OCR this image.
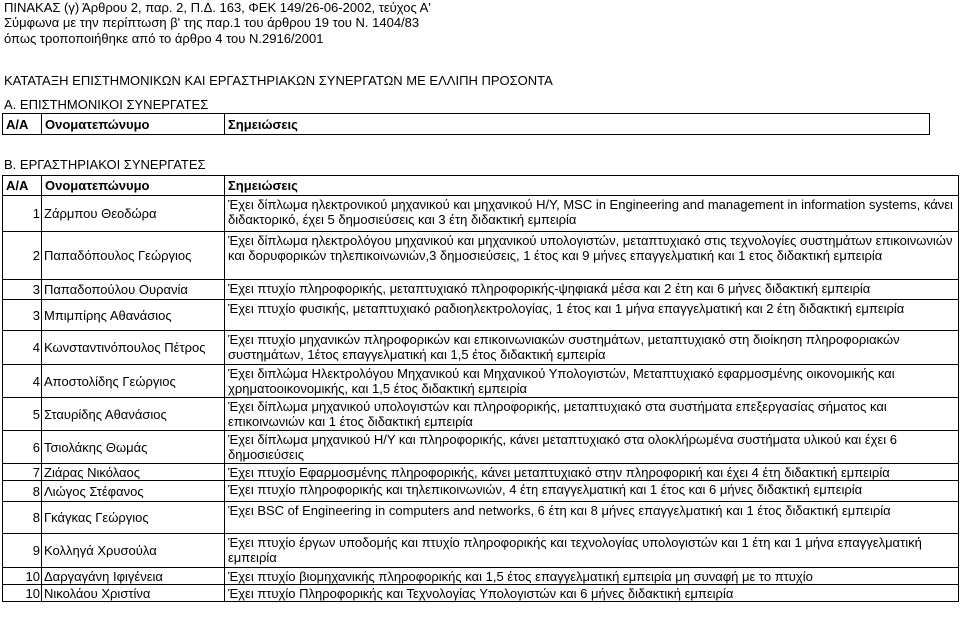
ΠΙΝΑΚΑΣ (γ) Άρθρου 2, παρ. 2, Π.Δ. 163, ΦΕΚ 149/26-06-2002, τεύχος Α'
Σύμφωνα με την περίπτωση β' της παρ.1 του άρθρου 19 του Ν. 1404/83
όπως τροποποιήθηκε από το άρθρο 4 του Ν.2916/2001
ΚΑΤΑΤΑΞΗ ΕΠΙΣΤΗΜΟΝΙΚΩΝ ΚΑΙ ΕΡΓΑΣΤΗΡΙΑΚΩΝ ΣΥΝΕΡΓΑΤΩΝ ΜΕ ΕΛΛΙΠΗ ΠΡΟΣΟΝΤΑ
Α. ΕΠΙΣΤΗΜΟΝΙΚΟΙ ΣΥΝΕΡΓΑΤΕΣ
Α/Α	Ονοματεπώνυμο	Σημειώσεις
Β. ΕΡΓΑΣΤΗΡΙΑΚΟΙ ΣΥΝΕΡΓΑΤΕΣ
Α/Α	Ονοματεπώνυμο	Σημειώσεις
1	Ζάρμπου Θεοδώρα	Έχει δίπλωμα ηλεκτρονικού μηχανικού και μηχανικού Η/Υ, MSC in Engineering and management in information systems, κάνει διδακτορικό, έχει 5 δημοσιεύσεις και 3 έτη διδακτική εμπειρία
2	Παπαδόπουλος Γεώργιος	Έχει δίπλωμα ηλεκτρολόγου μηχανικού και μηχανικού υπολογιστών, μεταπτυχιακό στις τεχνολογίες συστημάτων επικοινωνιών και δορυφορικών τηλεπικοινωνιών,3 δημοσιεύσεις, 1 έτος και 9 μήνες επαγγελματική και 1 ετος διδακτική εμπειρία
3	Παπαδοπούλου Ουρανία	Έχει πτυχίο πληροφορικής, μεταπτυχιακό πληροφορικής-ψηφιακά μέσα και 2 έτη και 6 μήνες διδακτική εμπειρία
3	Μπιμπίρης Αθανάσιος	Έχει πτυχίο φυσικής, μεταπτυχιακό ραδιοηλεκτρολογίας, 1 έτος και 1 μήνα επαγγελματική και 2 έτη διδακτική εμπειρία
4	Κωνσταντινόπουλος Πέτρος	Έχει πτυχίο μηχανικών πληροφορικών και επικοινωνιακών συστημάτων, μεταπτυχιακό στη διοίκηση πληροφοριακών συστημάτων, 1έτος επαγγελματική και 1,5 έτος διδακτική εμπειρία
4	Αποστολίδης Γεώργιος	Έχει διπλώμα Ηλεκτρολόγου Μηχανικού και Μηχανικού Υπολογιστών, Μεταπτυχιακό εφαρμοσμένης οικονομικής και χρηματοοικονομικής, και 1,5 έτος διδακτική εμπειρία
5	Σταυρίδης Αθανάσιος	Έχει δίπλωμα μηχανικού υπολογιστών και πληροφορικής, μεταπτυχιακό στα συστήματα επεξεργασίας σήματος και επικοινωνιών και 1 έτος διδακτική εμπειρία
6	Τσιολάκης Θωμάς	Έχει δίπλωμα μηχανικού Η/Υ και πληροφορικής, κάνει μεταπτυχιακό στα ολοκλήρωμένα συστήματα υλικού και έχει 6 δημοσιεύσεις
7	Ζιάρας Νικόλαος	Έχει πτυχίο Εφαρμοσμένης πληροφορικής, κάνει μεταπτυχιακό στην πληροφορική και έχει 4 έτη διδακτική εμπειρία
8	Λιώγος Στέφανος	Έχει πτυχίο πληροφορικής και τηλεπικοινωνιών, 4 έτη επαγγελματική και 1 έτος και 6 μήνες διδακτική εμπειρία
8	Γκάγκας Γεώργιος	Έχει BSC of Engineering in computers and networks, 6 έτη και 8 μήνες επαγγελματική και 1 έτος διδακτική εμπειρία
9	Κολληγά Χρυσούλα	Έχει πτυχίο έργων υποδομής και πτυχίο πληροφορικής και τεχνολογίας υπολογιστών και 1 έτη και 1 μήνα επαγγελματική εμπειρία
10	Δαργαγάνη Ιφιγένεια	Έχει πτυχίο βιομηχανικής πληροφορικής και 1,5 έτος επαγγελματική εμπειρία μη συναφή με το πτυχίο
10	Νικολάου Χριστίνα	Έχει πτυχίο Πληροφορικής και Τεχνολογίας Υπολογιστών και 6 μήνες διδακτική εμπειρία
